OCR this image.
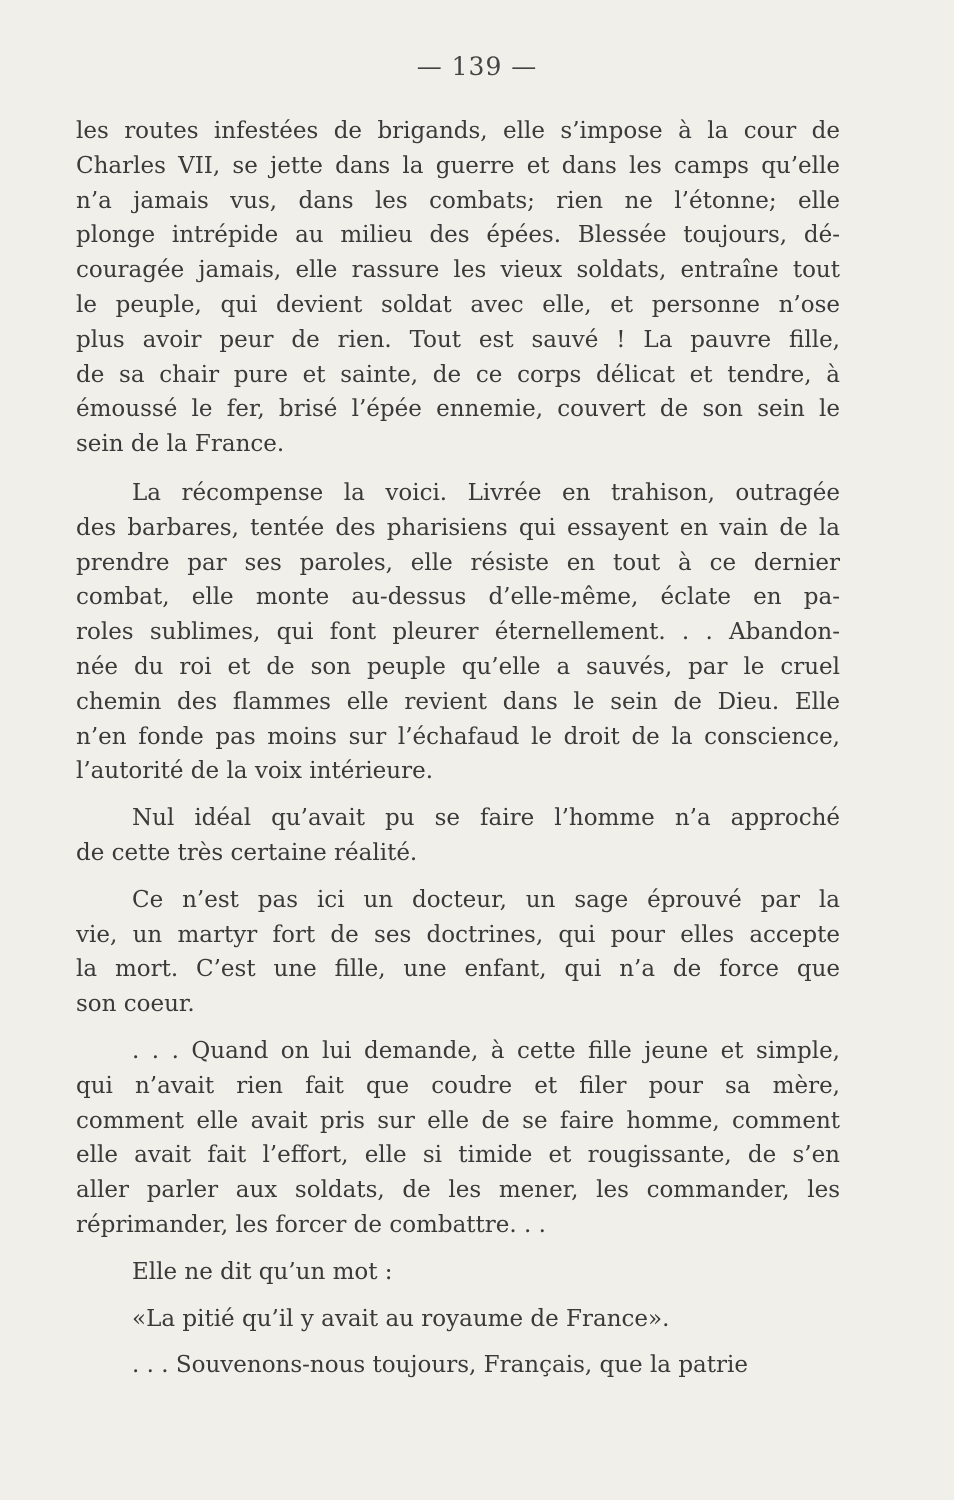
— 139 —
les routes infestées de brigands, elle s’impose à la cour de
Charles VII, se jette dans la guerre et dans les camps qu’elle
n’a jamais vus, dans les combats; rien ne l’étonne; elle
plonge intrépide au milieu des épées. Blessée toujours, dé-
couragée jamais, elle rassure les vieux soldats, entraîne tout
le peuple, qui devient soldat avec elle, et personne n’ose
plus avoir peur de rien. Tout est sauvé ! La pauvre fille,
de sa chair pure et sainte, de ce corps délicat et tendre, à
émoussé le fer, brisé l’épée ennemie, couvert de son sein le
sein de la France.
La récompense la voici. Livrée en trahison, outragée
des barbares, tentée des pharisiens qui essayent en vain de la
prendre par ses paroles, elle résiste en tout à ce dernier
combat, elle monte au-dessus d’elle-même, éclate en pa-
roles sublimes, qui font pleurer éternellement. . . Abandon-
née du roi et de son peuple qu’elle a sauvés, par le cruel
chemin des flammes elle revient dans le sein de Dieu. Elle
n’en fonde pas moins sur l’échafaud le droit de la conscience,
l’autorité de la voix intérieure.
Nul idéal qu’avait pu se faire l’homme n’a approché
de cette très certaine réalité.
Ce n’est pas ici un docteur, un sage éprouvé par la
vie, un martyr fort de ses doctrines, qui pour elles accepte
la mort. C’est une fille, une enfant, qui n’a de force que
son coeur.
. . . Quand on lui demande, à cette fille jeune et simple,
qui n’avait rien fait que coudre et filer pour sa mère,
comment elle avait pris sur elle de se faire homme, comment
elle avait fait l’effort, elle si timide et rougissante, de s’en
aller parler aux soldats, de les mener, les commander, les
réprimander, les forcer de combattre. . .
Elle ne dit qu’un mot :
«La pitié qu’il y avait au royaume de France».
. . . Souvenons-nous toujours, Français, que la patrie
